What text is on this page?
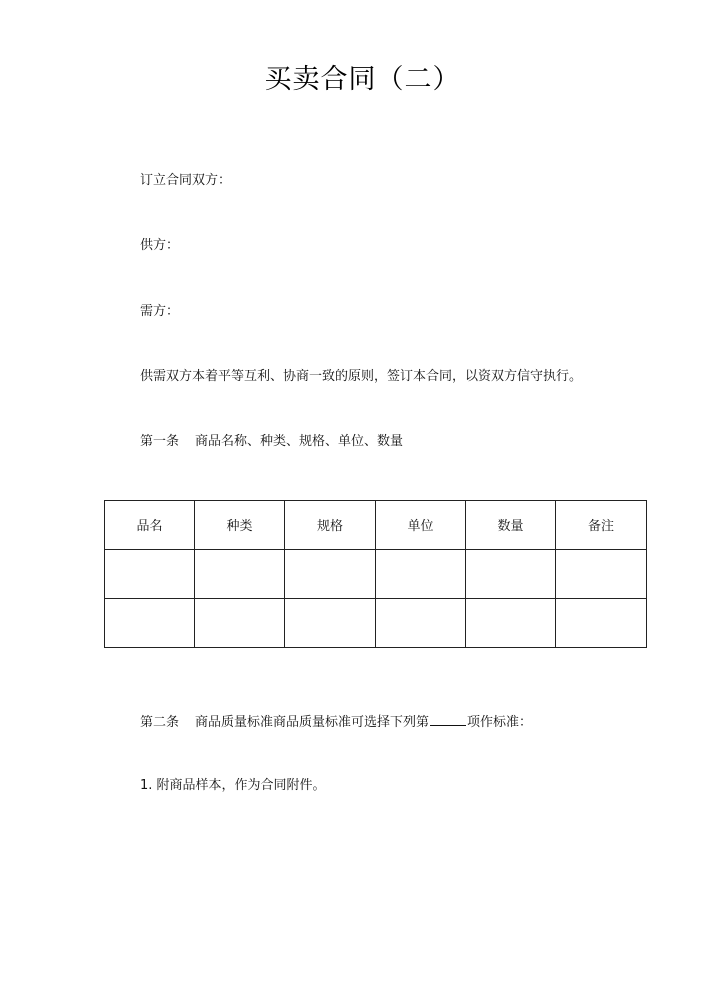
买卖合同（二）
订立合同双方：
供方：
需方：
供需双方本着平等互利、协商一致的原则，签订本合同，以资双方信守执行。
第一条 商品名称、种类、规格、单位、数量
品名	种类	规格	单位	数量	备注

第二条 商品质量标准商品质量标准可选择下列第	项作标准：
1. 附商品样本，作为合同附件。
